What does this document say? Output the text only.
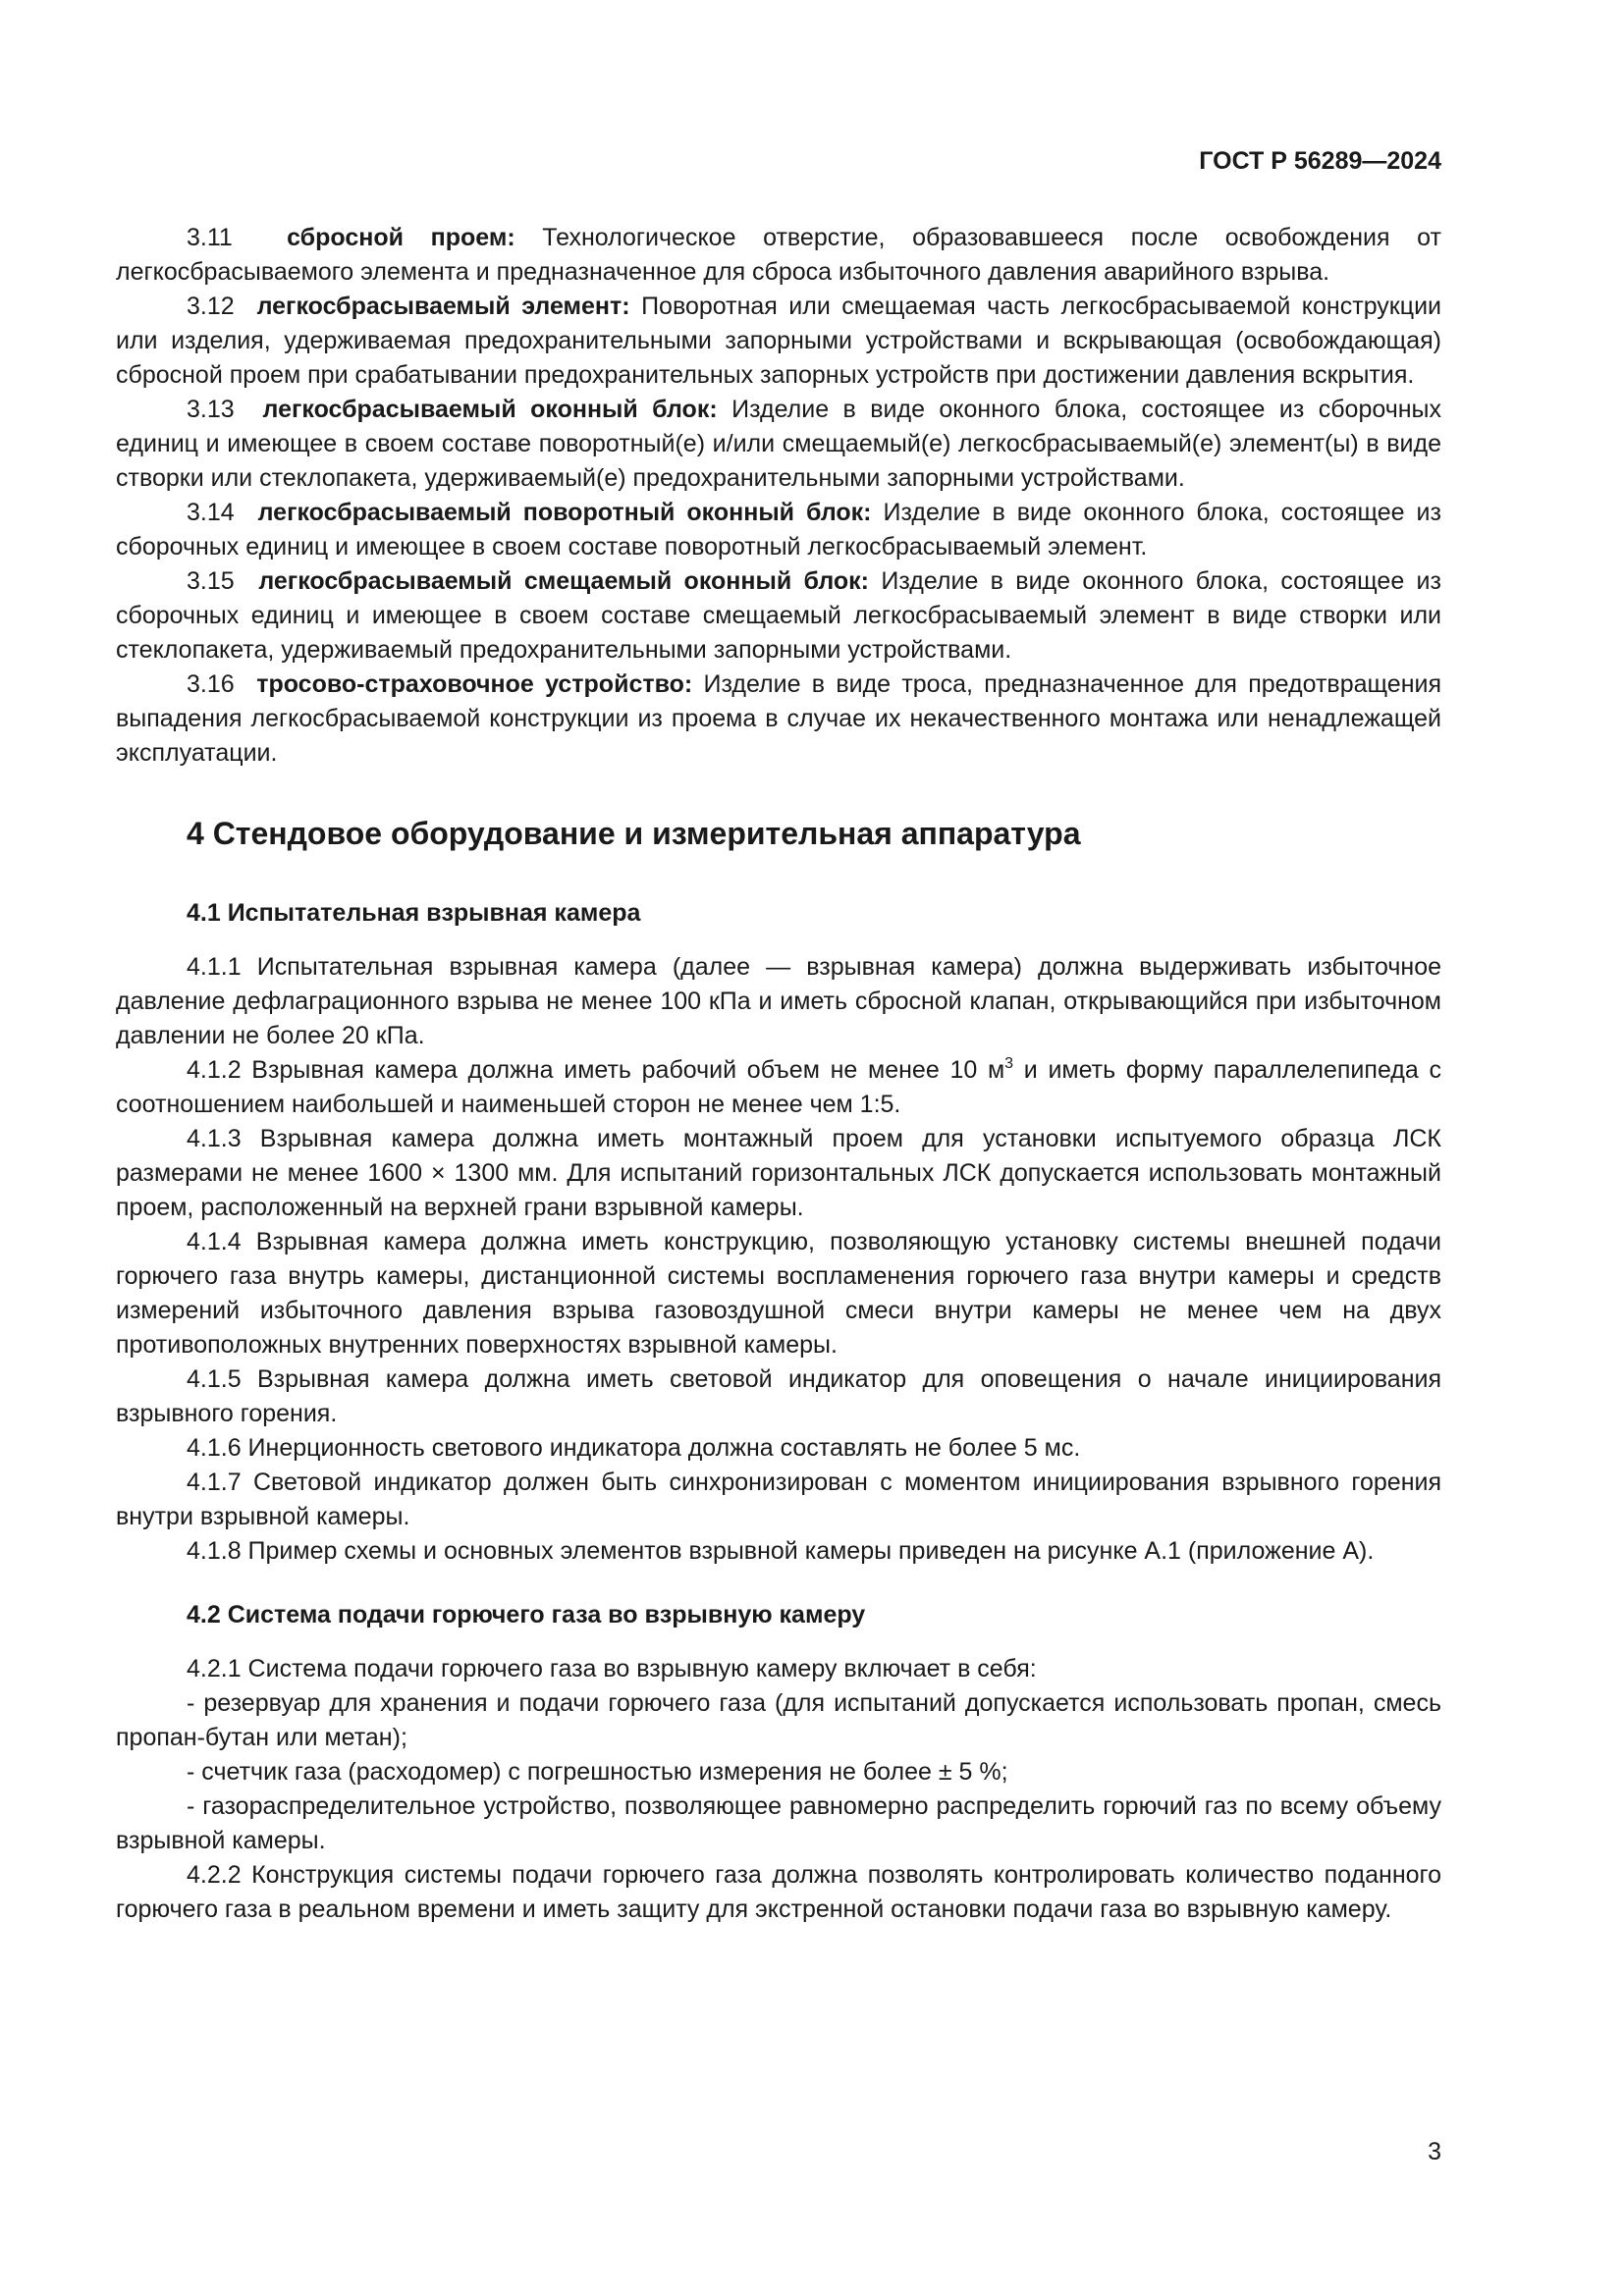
ГОСТ Р 56289—2024

3.11 сбросной проем: Технологическое отверстие, образовавшееся после освобождения от легкосбрасываемого элемента и предназначенное для сброса избыточного давления аварийного взрыва.

3.12 легкосбрасываемый элемент: Поворотная или смещаемая часть легкосбрасываемой конструкции или изделия, удерживаемая предохранительными запорными устройствами и вскрывающая (освобождающая) сбросной проем при срабатывании предохранительных запорных устройств при достижении давления вскрытия.

3.13 легкосбрасываемый оконный блок: Изделие в виде оконного блока, состоящее из сборочных единиц и имеющее в своем составе поворотный(е) и/или смещаемый(е) легкосбрасываемый(е) элемент(ы) в виде створки или стеклопакета, удерживаемый(е) предохранительными запорными устройствами.

3.14 легкосбрасываемый поворотный оконный блок: Изделие в виде оконного блока, состоящее из сборочных единиц и имеющее в своем составе поворотный легкосбрасываемый элемент.

3.15 легкосбрасываемый смещаемый оконный блок: Изделие в виде оконного блока, состоящее из сборочных единиц и имеющее в своем составе смещаемый легкосбрасываемый элемент в виде створки или стеклопакета, удерживаемый предохранительными запорными устройствами.

3.16 тросово-страховочное устройство: Изделие в виде троса, предназначенное для предотвращения выпадения легкосбрасываемой конструкции из проема в случае их некачественного монтажа или ненадлежащей эксплуатации.

4 Стендовое оборудование и измерительная аппаратура
4.1 Испытательная взрывная камера

4.1.1 Испытательная взрывная камера (далее — взрывная камера) должна выдерживать избыточное давление дефлаграционного взрыва не менее 100 кПа и иметь сбросной клапан, открывающийся при избыточном давлении не более 20 кПа.

4.1.2 Взрывная камера должна иметь рабочий объем не менее 10 $м^3$ и иметь форму параллелепипеда с соотношением наибольшей и наименьшей сторон не менее чем 1:5.

4.1.3 Взрывная камера должна иметь монтажный проем для установки испытуемого образца ЛСК размерами не менее 1600 × 1300 мм. Для испытаний горизонтальных ЛСК допускается использовать монтажный проем, расположенный на верхней грани взрывной камеры.

4.1.4 Взрывная камера должна иметь конструкцию, позволяющую установку системы внешней подачи горючего газа внутрь камеры, дистанционной системы воспламенения горючего газа внутри камеры и средств измерений избыточного давления взрыва газовоздушной смеси внутри камеры не менее чем на двух противоположных внутренних поверхностях взрывной камеры.

4.1.5 Взрывная камера должна иметь световой индикатор для оповещения о начале инициирования взрывного горения.

4.1.6 Инерционность светового индикатора должна составлять не более 5 мс.

4.1.7 Световой индикатор должен быть синхронизирован с моментом инициирования взрывного горения внутри взрывной камеры.

4.1.8 Пример схемы и основных элементов взрывной камеры приведен на рисунке А.1 (приложение А).

4.2 Система подачи горючего газа во взрывную камеру

4.2.1 Система подачи горючего газа во взрывную камеру включает в себя:

- резервуар для хранения и подачи горючего газа (для испытаний допускается использовать пропан, смесь пропан-бутан или метан);

- счетчик газа (расходомер) с погрешностью измерения не более ± 5 %;

- газораспределительное устройство, позволяющее равномерно распределить горючий газ по всему объему взрывной камеры.

4.2.2 Конструкция системы подачи горючего газа должна позволять контролировать количество поданного горючего газа в реальном времени и иметь защиту для экстренной остановки подачи газа во взрывную камеру.

3
